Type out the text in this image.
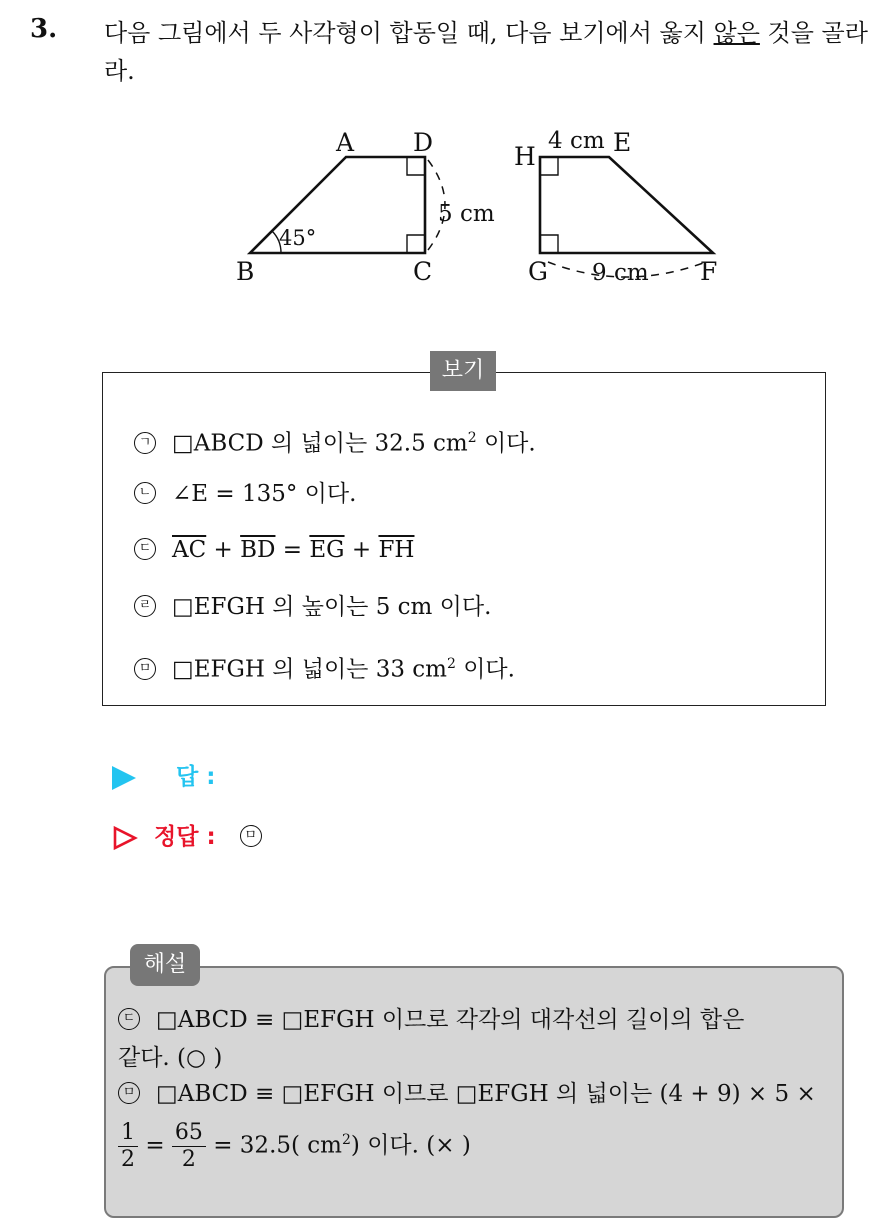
3. 다음 그림에서 두 사각형이 합동일 때, 다음 보기에서 옳지 않은 것을 골라라.
A
B	C
D	E
F
G
H
45°
5 cm
4 cm
9 cm
보기
ㄱ □ABCD 의 넓이는 32.5 $cm^2$ 이다.
ㄴ ∠E = 135° 이다.
ㄷ $\overline{AC} + \overline{BD} = \overline{EG} + \overline{FH}$
ㄹ □EFGH 의 높이는 5 cm 이다.
ㅁ □EFGH 의 넓이는 33 $cm^2$ 이다.
답 :
정답 : ㅁ
해설
ㄷ □ABCD ≡ □EFGH 이므로 각각의 대각선의 길이의 합은
같다. (○ )
ㅁ □ABCD ≡ □EFGH 이므로 □EFGH 의 넓이는 (4 + 9) × 5 ×
$\frac{1}{2} = \frac{65}{2} = 32.5$( $cm^2$) 이다. (× )
